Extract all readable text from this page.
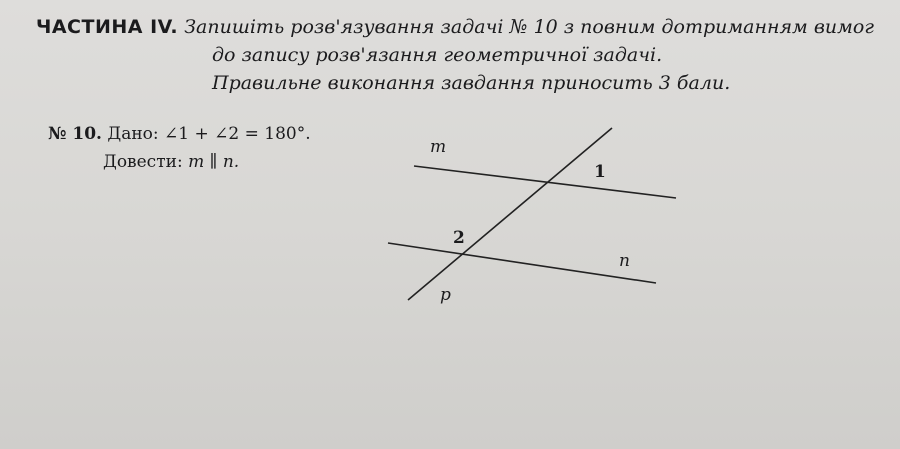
ЧАСТИНА IV. Запишіть розв'язування задачі № 10 з повним дотриманням вимог
до запису розв'язання геометричної задачі.
Правильне виконання завдання приносить 3 бали.
№ 10. Дано: ∠1 + ∠2 = 180°.
Довести: m ∥ n.
m
1
2
n
p
